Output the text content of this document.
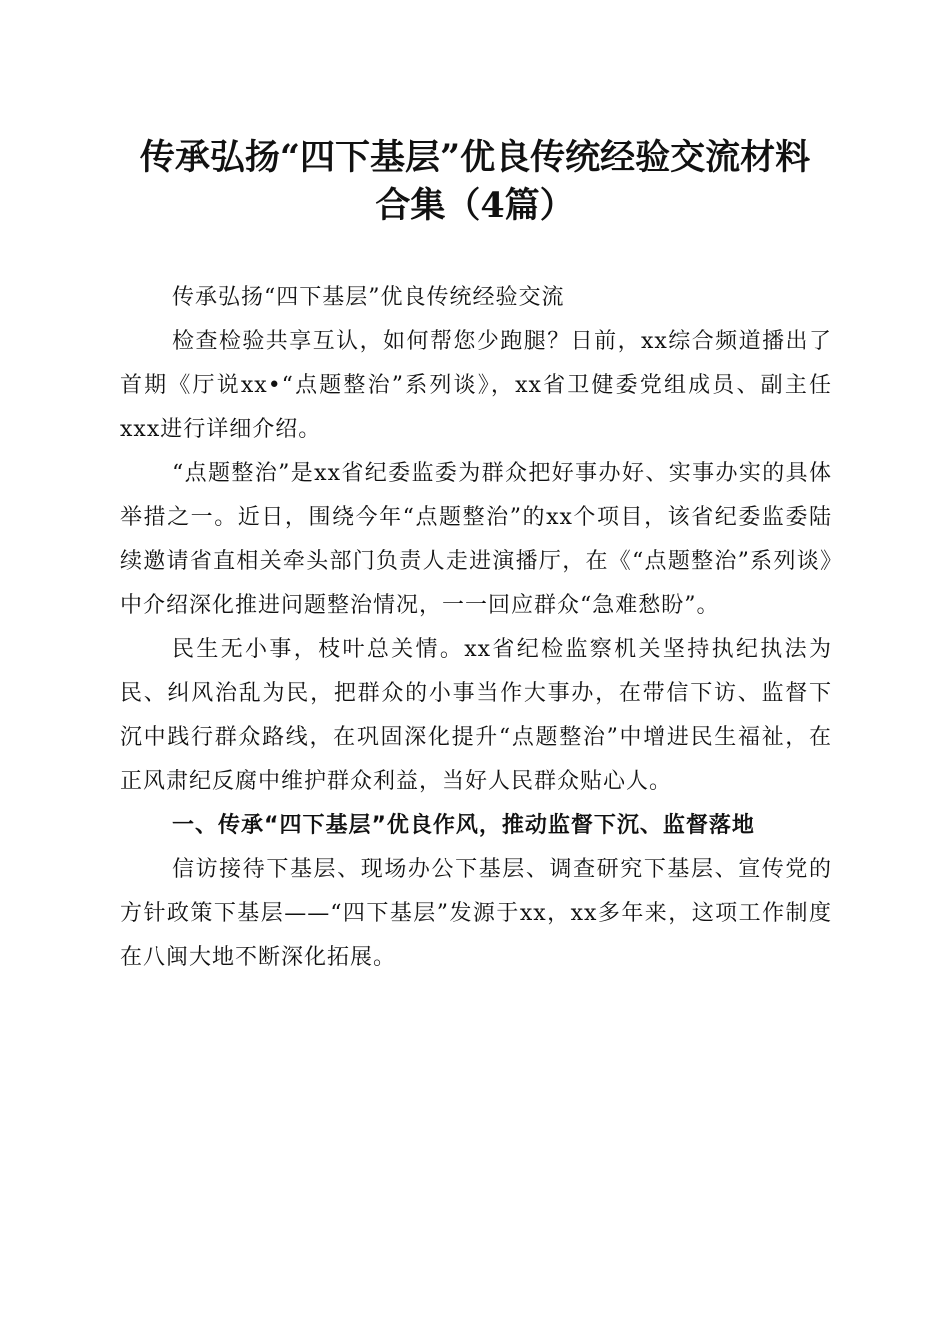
传承弘扬“四下基层”优良传统经验交流材料
合集（4篇）

传承弘扬“四下基层”优良传统经验交流

检查检验共享互认，如何帮您少跑腿？日前，xx综合频道播出了首期《厅说xx•“点题整治”系列谈》，xx省卫健委党组成员、副主任xxx进行详细介绍。

“点题整治”是xx省纪委监委为群众把好事办好、实事办实的具体举措之一。近日，围绕今年“点题整治”的xx个项目，该省纪委监委陆续邀请省直相关牵头部门负责人走进演播厅，在《“点题整治”系列谈》中介绍深化推进问题整治情况，一一回应群众“急难愁盼”。

民生无小事，枝叶总关情。xx省纪检监察机关坚持执纪执法为民、纠风治乱为民，把群众的小事当作大事办，在带信下访、监督下沉中践行群众路线，在巩固深化提升“点题整治”中增进民生福祉，在正风肃纪反腐中维护群众利益，当好人民群众贴心人。

一、传承“四下基层”优良作风，推动监督下沉、监督落地

信访接待下基层、现场办公下基层、调查研究下基层、宣传党的方针政策下基层——“四下基层”发源于xx，xx多年来，这项工作制度在八闽大地不断深化拓展。
